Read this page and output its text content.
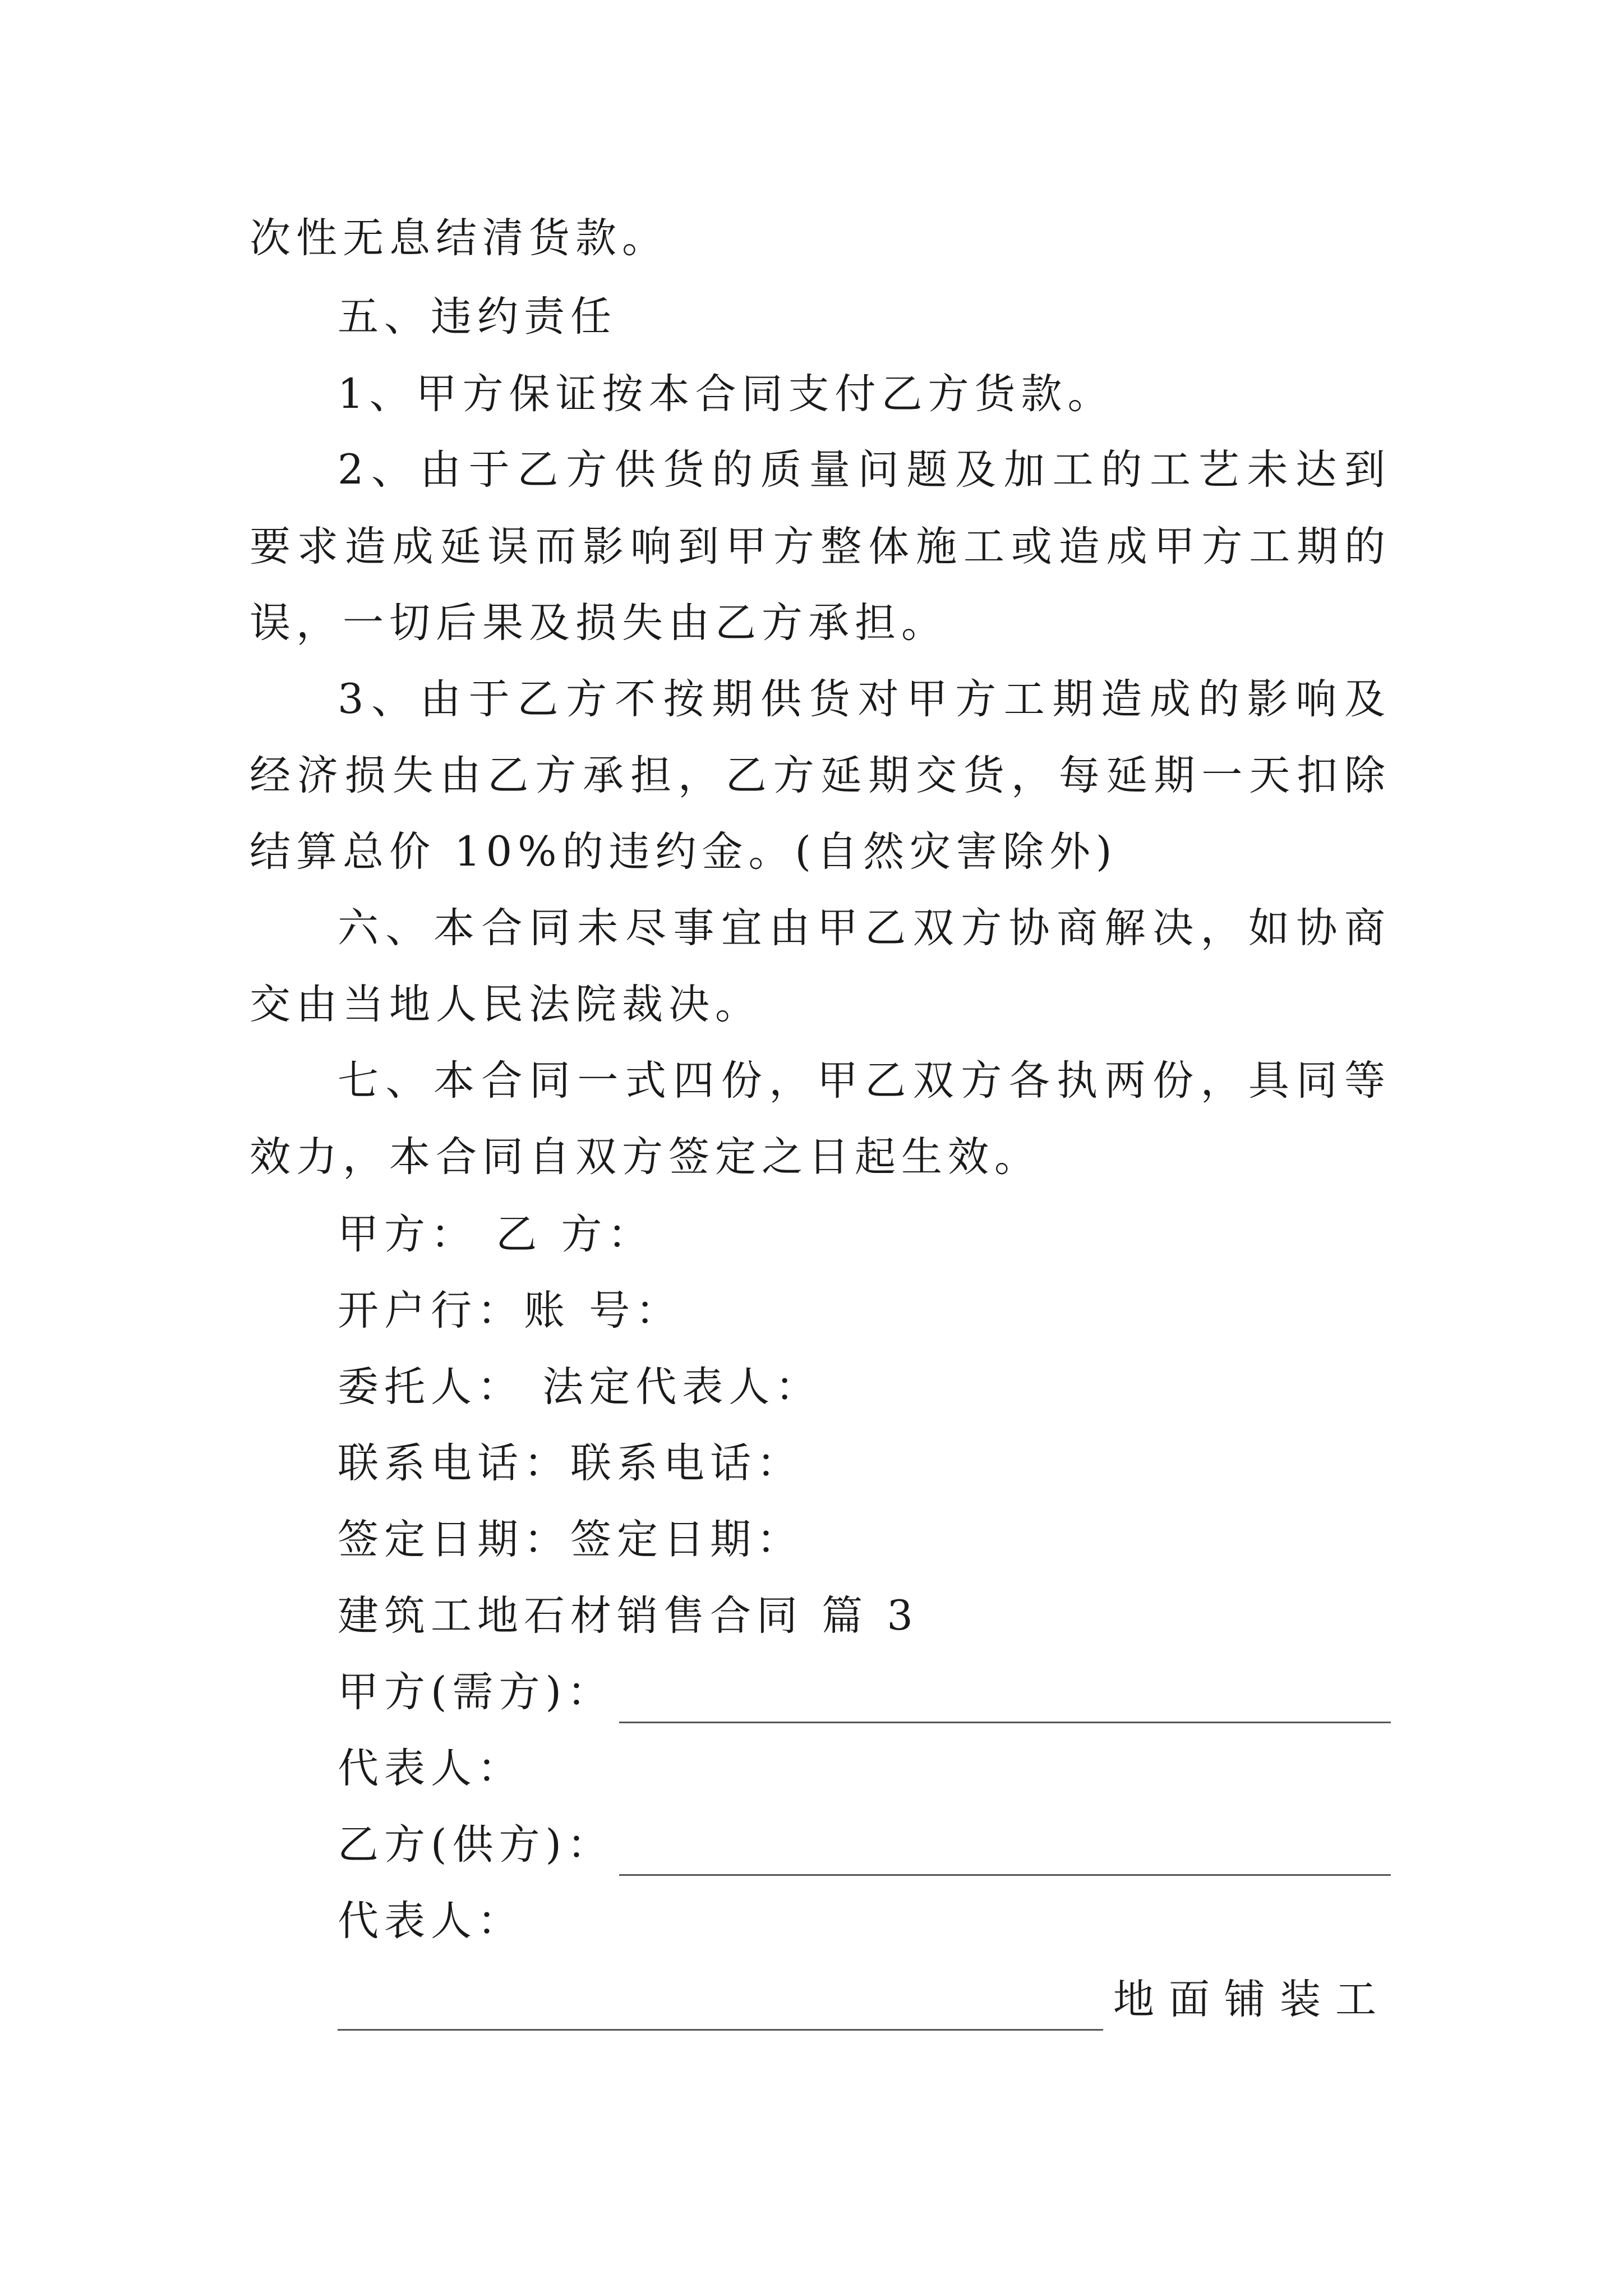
次性无息结清货款。
五、违约责任
1、甲方保证按本合同支付乙方货款。
2、由于乙方供货的质量问题及加工的工艺未达到
要求造成延误而影响到甲方整体施工或造成甲方工期的
误，一切后果及损失由乙方承担。
3、由于乙方不按期供货对甲方工期造成的影响及
经济损失由乙方承担，乙方延期交货，每延期一天扣除
结算总价 10%的违约金。(自然灾害除外)
六、本合同未尽事宜由甲乙双方协商解决，如协商
交由当地人民法院裁决。
七、本合同一式四份，甲乙双方各执两份，具同等
效力，本合同自双方签定之日起生效。
甲方： 乙 方：
开户行：账 号：
委托人： 法定代表人：
联系电话：联系电话：
签定日期：签定日期：
建筑工地石材销售合同 篇 3
甲方(需方)：
代表人：
乙方(供方)：
代表人：
地面铺装工
